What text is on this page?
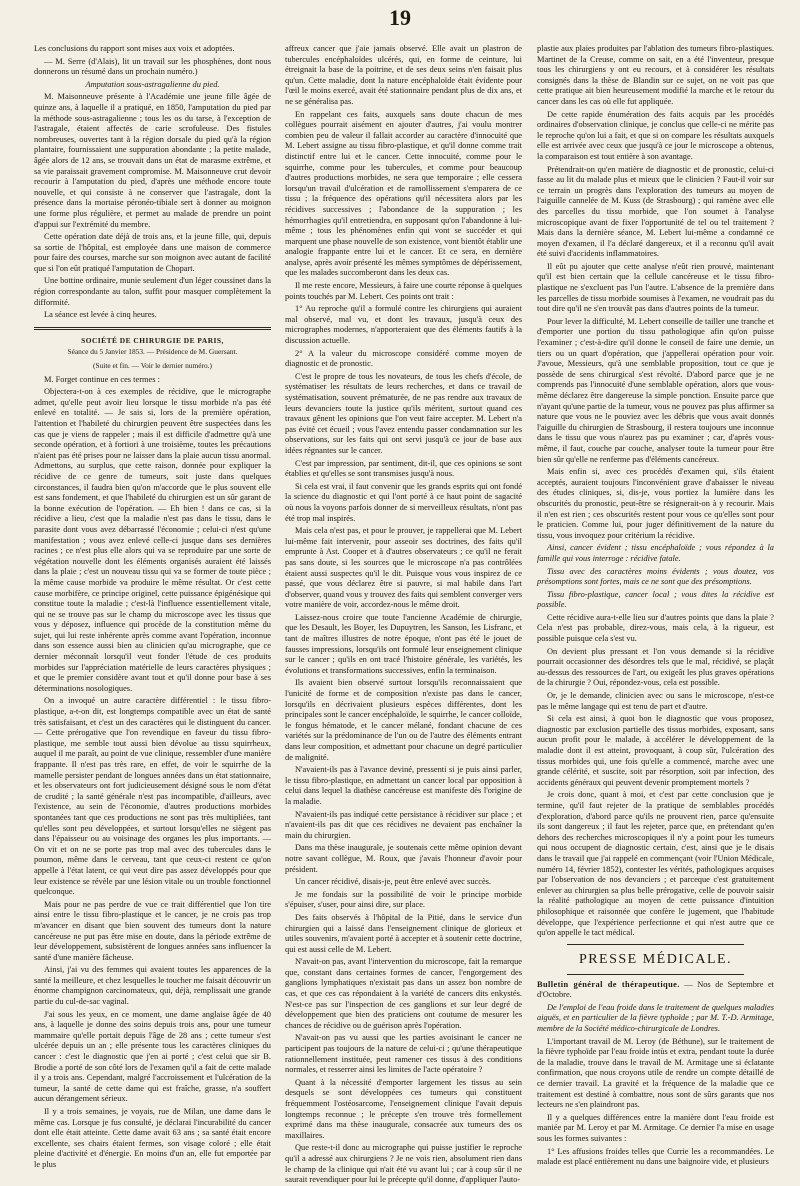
19

Les conclusions du rapport sont mises aux voix et adoptées.

— M. Serre (d'Alais), lit un travail sur les phosphènes, dont nous donnerons un résumé dans un prochain numéro.)

Amputation sous-astragalienne du pied.

M. Maisonneuve présente à l'Académie une jeune fille âgée de quinze ans, à laquelle il a pratiqué, en 1850, l'amputation du pied par la méthode sous-astragalienne ; tous les os du tarse, à l'exception de l'astragale, étaient affectés de carie scrofuleuse. Des fistules nombreuses, ouvertes tant à la région dorsale du pied qu'à la région plantaire, fournissaient une suppuration abondante ; la petite malade, âgée alors de 12 ans, se trouvait dans un état de marasme extrême, et sa vie paraissait gravement compromise. M. Maisonneuve crut devoir recourir à l'amputation du pied, d'après une méthode encore toute nouvelle, et qui consiste à ne conserver que l'astragale, dont la présence dans la mortaise péronéo-tibiale sert à donner au moignon une forme plus régulière, et permet au malade de prendre un point d'appui sur l'extrémité du membre.

Cette opération date déjà de trois ans, et la jeune fille, qui, depuis sa sortie de l'hôpital, est employée dans une maison de commerce pour faire des courses, marche sur son moignon avec autant de facilité que si l'on eût pratiqué l'amputation de Chopart.

Une bottine ordinaire, munie seulement d'un léger coussinet dans la région correspondante au talon, suffit pour masquer complètement la difformité.

La séance est levée à cinq heures.

SOCIÉTÉ DE CHIRURGIE DE PARIS,
Séance du 5 Janvier 1853. — Présidence de M. Guersant.
(Suite et fin. — Voir le dernier numéro.)

M. Forget continue en ces termes :

Objectera-t-on à ces exemples de récidive, que le micrographe admet, qu'elle peut avoir lieu lorsque le tissu morbide n'a pas été enlevé en totalité. — Je sais si, lors de la première opération, l'attention et l'habileté du chirurgien peuvent être suspectées dans les cas que je viens de rappeler ; mais il est difficile d'admettre qu'à une seconde opération, et à fortiori à une troisième, toutes les précautions n'aient pas été prises pour ne laisser dans la plaie aucun tissu anormal. Admettons, au surplus, que cette raison, donnée pour expliquer la récidive de ce genre de tumeurs, soit juste dans quelques circonstances, il faudra bien qu'on m'accorde que le plus souvent elle est sans fondement, et que l'habileté du chirurgien est un sûr garant de la bonne exécution de l'opération. — Eh bien ! dans ce cas, si la récidive a lieu, c'est que la maladie n'est pas dans le tissu, dans le parasite dont vous avez débarrassé l'économie ; celui-ci n'est qu'une manifestation ; vous avez enlevé celle-ci jusque dans ses dernières racines ; ce n'est plus elle alors qui va se reproduire par une sorte de végétation nouvelle dont les éléments organisés auraient été laissés dans la plaie ; c'est un nouveau tissu qui va se former de toute pièce ; la même cause morbide va produire le même résultat. Or c'est cette cause morbifère, ce principe originel, cette puissance épigénésique qui constitue toute la maladie ; c'est-là l'influence essentiellement vitale, qui ne se trouve pas sur le champ du microscope avec les tissus que vous y déposez, influence qui procède de la constitution même du sujet, qui lui reste inhérente après comme avant l'opération, inconnue dans son essence aussi bien au clinicien qu'au micrographe, que ce dernier méconnaît lorsqu'il veut fonder l'étude de ces produits morbides sur l'appréciation matérielle de leurs caractères physiques ; et que le premier considère avant tout et qu'il donne pour base à ses déterminations nosologiques.

On a invoqué un autre caractère différentiel : le tissu fibro-plastique, a-t-on dit, est longtemps compatible avec un état de santé très satisfaisant, et c'est un des caractères qui le distinguent du cancer. — Cette prérogative que l'on revendique en faveur du tissu fibro-plastique, me semble tout aussi bien dévolue au tissu squirrheux, auquel il me paraît, au point de vue clinique, ressembler d'une manière frappante. Il n'est pas très rare, en effet, de voir le squirrhe de la mamelle persister pendant de longues années dans un état stationnaire, et les observateurs ont fort judicieusement désigné sous le nom d'état de crudité ; la santé générale n'est pas incompatible, d'ailleurs, avec l'existence, au sein de l'économie, d'autres productions morbides spontanées tant que ces productions ne sont pas très multipliées, tant qu'elles sont peu développées, et surtout lorsqu'elles ne siègent pas dans l'épaisseur ou au voisinage des organes les plus importants. — On vit et on ne se porte pas trop mal avec des tubercules dans le poumon, même dans le cerveau, tant que ceux-ci restent ce qu'on appelle à l'état latent, ce qui veut dire pas assez développés pour que leur existence se révèle par une lésion vitale ou un trouble fonctionnel quelconque.

Mais pour ne pas perdre de vue ce trait différentiel que l'on tire ainsi entre le tissu fibro-plastique et le cancer, je ne crois pas trop m'avancer en disant que bien souvent des tumeurs dont la nature cancéreuse ne put pas être mise en doute, dans la période extrême de leur développement, subsistèrent de longues années sans influencer la santé d'une manière fâcheuse.

Ainsi, j'ai vu des femmes qui avaient toutes les apparences de la santé la meilleure, et chez lesquelles le toucher me faisait découvrir un énorme champignon carcinomateux, qui, déjà, remplissait une grande partie du cul-de-sac vaginal.

J'ai sous les yeux, en ce moment, une dame anglaise âgée de 40 ans, à laquelle je donne des soins depuis trois ans, pour une tumeur mammaire qu'elle portait depuis l'âge de 28 ans ; cette tumeur s'est ulcérée depuis un an ; elle présente tous les caractères cliniques du cancer : c'est le diagnostic que j'en ai porté ; c'est celui que sir B. Brodie a porté de son côté lors de l'examen qu'il a fait de cette malade il y a trois ans. Cependant, malgré l'accroissement et l'ulcération de la tumeur, la santé de cette dame qui est fraîche, grasse, n'a souffert aucun dérangement sérieux.

Il y a trois semaines, je voyais, rue de Milan, une dame dans le même cas. Lorsque je fus consulté, je déclarai l'incurabilité du cancer dont elle était atteinte. Cette dame avait 63 ans ; sa santé était encore excellente, ses chairs étaient fermes, son visage coloré ; elle était pleine d'activité et d'énergie. En moins d'un an, elle fut emportée par le plus

affreux cancer que j'aie jamais observé. Elle avait un plastron de tubercules encéphaloïdes ulcérés, qui, en forme de ceinture, lui étreignait la base de la poitrine, et de ses deux seins n'en faisait plus qu'un. Cette maladie, dont la nature encéphaloïde était évidente pour l'œil le moins exercé, avait été stationnaire pendant plus de dix ans, et ne se généralisa pas.

En rappelant ces faits, auxquels sans doute chacun de mes collègues pourrait aisément en ajouter d'autres, j'ai voulu montrer combien peu de valeur il fallait accorder au caractère d'innocuité que M. Lebert assigne au tissu fibro-plastique, et qu'il donne comme trait distinctif entre lui et le cancer. Cette innocuité, comme pour le squirrhe, comme pour les tubercules, et comme pour beaucoup d'autres productions morbides, ne sera que temporaire ; elle cessera lorsqu'un travail d'ulcération et de ramollissement s'emparera de ce tissu ; la fréquence des opérations qu'il nécessitera alors par les récidives successives ; l'abondance de la suppuration ; les hémorrhagies qu'il entretiendra, en supposant qu'on l'abandonne à lui-même ; tous les phénomènes enfin qui vont se succéder et qui marquent une phase nouvelle de son existence, vont bientôt établir une analogie frappante entre lui et le cancer. Et ce sera, en dernière analyse, après avoir présenté les mêmes symptômes de dépérissement, que les malades succomberont dans les deux cas.

Il me reste encore, Messieurs, à faire une courte réponse à quelques points touchés par M. Lebert. Ces points ont trait :

1° Au reproche qu'il a formulé contre les chirurgiens qui auraient mal observé, mal vu, et dont les travaux, jusqu'à ceux des micrographes modernes, n'apporteraient que des éléments fautifs à la discussion actuelle.

2° A la valeur du microscope considéré comme moyen de diagnostic et de pronostic.

C'est le propre de tous les novateurs, de tous les chefs d'école, de systématiser les résultats de leurs recherches, et dans ce travail de systématisation, souvent prématurée, de ne pas rendre aux travaux de leurs devanciers toute la justice qu'ils méritent, surtout quand ces travaux gênent les opinions que l'on veut faire accepter. M. Lebert n'a pas évité cet écueil ; vous l'avez entendu passer condamnation sur les observations, sur les faits qui ont servi jusqu'à ce jour de base aux idées régnantes sur le cancer.

C'est par impression, par sentiment, dit-il, que ces opinions se sont établies et qu'elles se sont transmises jusqu'à nous.

Si cela est vrai, il faut convenir que les grands esprits qui ont fondé la science du diagnostic et qui l'ont porté à ce haut point de sagacité où nous la voyons parfois donner de si merveilleux résultats, n'ont pas été trop mal inspirés.

Mais cela n'est pas, et pour le prouver, je rappellerai que M. Lebert lui-même fait intervenir, pour asseoir ses doctrines, des faits qu'il emprunte à Ast. Cooper et à d'autres observateurs ; ce qu'il ne ferait pas sans doute, si les sources que le microscope n'a pas contrôlées étaient aussi suspectes qu'il le dit. Puisque vous vous inspirez de ce passé, que vous déclarez être si pauvre, si mal habile dans l'art d'observer, quand vous y trouvez des faits qui semblent converger vers votre manière de voir, accordez-nous le même droit.

Laissez-nous croire que toute l'ancienne Académie de chirurgie, que les Desault, les Boyer, les Dupuytren, les Sanson, les Lisfranc, et tant de maîtres illustres de notre époque, n'ont pas été le jouet de fausses impressions, lorsqu'ils ont formulé leur enseignement clinique sur le cancer ; qu'ils en ont tracé l'histoire générale, les variétés, les évolutions et transformations successives, enfin la terminaison.

Ils avaient bien observé surtout lorsqu'ils reconnaissaient que l'unicité de forme et de composition n'existe pas dans le cancer, lorsqu'ils en décrivaient plusieurs espèces différentes, dont les principales sont le cancer encéphaloïde, le squirrhe, le cancer colloïde, le fongus hématode, et le cancer mélané, fondant chacune de ces variétés sur la prédominance de l'un ou de l'autre des éléments entrant dans leur composition, et admettant pour chacune un degré particulier de malignité.

N'avaient-ils pas à l'avance deviné, pressenti si je puis ainsi parler, le tissu fibro-plastique, en admettant un cancer local par opposition à celui dans lequel la diathèse cancéreuse est manifeste dès l'origine de la maladie.

N'avaient-ils pas indiqué cette persistance à récidiver sur place ; et n'avaient-ils pas dit que ces récidives ne devaient pas enchaîner la main du chirurgien.

Dans ma thèse inaugurale, je soutenais cette même opinion devant notre savant collègue, M. Roux, que j'avais l'honneur d'avoir pour président.

Un cancer récidivé, disais-je, peut être enlevé avec succès.

Je me fondais sur la possibilité de voir le principe morbide s'épuiser, s'user, pour ainsi dire, sur place.

Des faits observés à l'hôpital de la Pitié, dans le service d'un chirurgien qui a laissé dans l'enseignement clinique de glorieux et utiles souvenirs, m'avaient porté à accepter et à soutenir cette doctrine, qui est aussi celle de M. Lebert.

N'avait-on pas, avant l'intervention du microscope, fait la remarque que, constant dans certaines formes de cancer, l'engorgement des ganglions lymphatiques n'existait pas dans un assez bon nombre de cas, et que ces cas répondaient à la variété de cancers dits enkystés. N'est-ce pas sur l'inspection de ces ganglions et sur leur degré de développement que bien des praticiens ont coutume de mesurer les chances de récidive ou de guérison après l'opération.

N'avait-on pas vu aussi que les parties avoisinant le cancer ne participent pas toujours de la nature de celui-ci ; qu'une thérapeutique rationnellement instituée, peut ramener ces tissus à des conditions normales, et resserrer ainsi les limites de l'acte opératoire ?

Quant à la nécessité d'emporter largement les tissus au sein desquels se sont développées ces tumeurs qui constituent fréquemment l'ostéosarcome, l'enseignement clinique l'avait depuis longtemps reconnue ; le précepte s'en trouve très formellement exprimé dans ma thèse inaugurale, consacrée aux tumeurs des os maxillaires.

Que reste-t-il donc au micrographe qui puisse justifier le reproche qu'il a adressé aux chirurgiens ? Je ne vois rien, absolument rien dans le champ de la clinique qui n'ait été vu avant lui ; car à coup sûr il ne saurait revendiquer pour lui le précepte qu'il donne, d'appliquer l'auto-

plastie aux plaies produites par l'ablation des tumeurs fibro-plastiques. Martinet de la Creuse, comme on sait, en a été l'inventeur, presque tous les chirurgiens y ont eu recours, et à considérer les résultats consignés dans la thèse de Blandin sur ce sujet, on ne voit pas que cette pratique ait bien heureusement modifié la marche et le retour du cancer dans les cas où elle fut appliquée.

De cette rapide énumération des faits acquis par les procédés ordinaires d'observation clinique, je conclus que celle-ci ne mérite pas le reproche qu'on lui a fait, et que si on compare les résultats auxquels elle est arrivée avec ceux que jusqu'à ce jour le microscope a obtenus, la comparaison est tout entière à son avantage.

Prétendrait-on qu'en matière de diagnostic et de pronostic, celui-ci fasse au lit du malade plus et mieux que le clinicien ? Faut-il voir sur ce terrain un progrès dans l'exploration des tumeurs au moyen de l'aiguille cannelée de M. Kuss (de Strasbourg) ; qui ramène avec elle des parcelles du tissu morbide, que l'on soumet à l'analyse microscopique avant de fixer l'opportunité de tel ou tel traitement ? Mais dans la dernière séance, M. Lebert lui-même a condamné ce moyen d'examen, il l'a déclaré dangereux, et il a reconnu qu'il avait été suivi d'accidents inflammatoires.

Il eût pu ajouter que cette analyse n'eût rien prouvé, maintenant qu'il est bien certain que la cellule cancéreuse et le tissu fibro-plastique ne s'excluent pas l'un l'autre. L'absence de la première dans les parcelles de tissu morbide soumises à l'examen, ne voudrait pas du tout dire qu'il ne s'en trouvât pas dans d'autres points de la tumeur.

Pour lever la difficulté, M. Lebert conseille de tailler une tranche et d'emporter une portion du tissu pathologique afin qu'on puisse l'examiner ; c'est-à-dire qu'il donne le conseil de faire une demie, un tiers ou un quart d'opération, que j'appellerai opération pour voir. J'avoue, Messieurs, qu'à une semblable proposition, tout ce que je possède de sens chirurgical s'est révolté. D'abord parce que je ne comprends pas l'innocuité d'une semblable opération, alors que vous-même déclarez être dangereuse la simple ponction. Ensuite parce que n'ayant qu'une partie de la tumeur, vous ne pouvez pas plus affirmer sa nature que vous ne le pouviez avec les débris que vous avait donnés l'aiguille du chirurgien de Strasbourg, il restera toujours une inconnue dans le tissu que vous n'aurez pas pu examiner ; car, d'après vous-même, il faut, couche par couche, analyser toute la tumeur pour être bien sûr qu'elle ne renferme pas d'éléments cancéreux.

Mais enfin si, avec ces procédés d'examen qui, s'ils étaient acceptés, auraient toujours l'inconvénient grave d'abaisser le niveau des études cliniques, si, dis-je, vous portiez la lumière dans les obscurités du pronostic, peut-être se résignerait-on à y recourir. Mais il n'en est rien ; ces obscurités restent pour vous ce qu'elles sont pour le praticien. Comme lui, pour juger définitivement de la nature du tissu, vous invoquez pour critérium la récidive.

Ainsi, cancer évident ; tissu encéphaloïde ; vous répondez à la famille qui vous interroge : récidive fatale.

Tissu avec des caractères moins évidents ; vous doutez, vos présomptions sont fortes, mais ce ne sont que des présomptions.

Tissu fibro-plastique, cancer local ; vous dites la récidive est possible.

Cette récidive aura-t-elle lieu sur d'autres points que dans la plaie ? Cela n'est pas probable, direz-vous, mais cela, à la rigueur, est possible puisque cela s'est vu.

On devient plus pressant et l'on vous demande si la récidive pourrait occasionner des désordres tels que le mal, récidivé, se plaçât au-dessus des ressources de l'art, ou exigeât les plus graves opérations de la chirurgie ? Oui, répondez-vous, cela est possible.

Or, je le demande, clinicien avec ou sans le microscope, n'est-ce pas le même langage qui est tenu de part et d'autre.

Si cela est ainsi, à quoi bon le diagnostic que vous proposez, diagnostic par exclusion partielle des tissus morbides, exposant, sans aucun profit pour le malade, à accélérer le développement de la maladie dont il est atteint, provoquant, à coup sûr, l'ulcération des tissus morbides qui, une fois qu'elle a commencé, marche avec une grande célérité, et suscite, soit par résorption, soit par infection, des accidents généraux qui peuvent devenir promptement mortels ?

Je crois donc, quant à moi, et c'est par cette conclusion que je termine, qu'il faut rejeter de la pratique de semblables procédés d'exploration, d'abord parce qu'ils ne prouvent rien, parce qu'ensuite ils sont dangereux ; il faut les rejeter, parce que, en prétendant qu'en dehors des recherches microscopiques il n'y a point pour les tumeurs qui nous occupent de diagnostic certain, c'est, ainsi que je le disais dans le travail que j'ai rappelé en commençant (voir l'Union Médicale, numéro 14, février 1852), contester les vérités, pathologiques acquises par l'observation de nos devanciers ; et parceque c'est gratuitement enlever au chirurgien sa plus belle prérogative, celle de pouvoir saisir la réalité pathologique au moyen de cette puissance d'intuition philosophique et raisonnée que confère le jugement, que l'habitude développe, que l'expérience perfectionne et qui n'est autre que ce qu'on appelle le tact médical.

PRESSE MÉDICALE.

Bulletin général de thérapeutique. — Nos de Septembre et d'Octobre.

De l'emploi de l'eau froide dans le traitement de quelques maladies aiguës, et en particulier de la fièvre typhoïde ; par M. T.-D. Armitage, membre de la Société médico-chirurgicale de Londres.

L'important travail de M. Leroy (de Béthune), sur le traitement de la fièvre typhoïde par l'eau froide intùs et extra, pendant toute la durée de la maladie, trouve dans le travail de M. Armitage une si éclatante confirmation, que nous croyons utile de rendre un compte détaillé de ce dernier travail. La gravité et la fréquence de la maladie que ce traitement est destiné à combattre, nous sont de sûrs garants que nos lecteurs ne s'en plaindront pas.

Il y a quelques différences entre la manière dont l'eau froide est maniée par M. Leroy et par M. Armitage. Ce dernier l'a mise en usage sous les formes suivantes :

1° Les affusions froides telles que Currie les a recommandées. Le malade est placé entièrement nu dans une baignoire vide, et plusieurs
